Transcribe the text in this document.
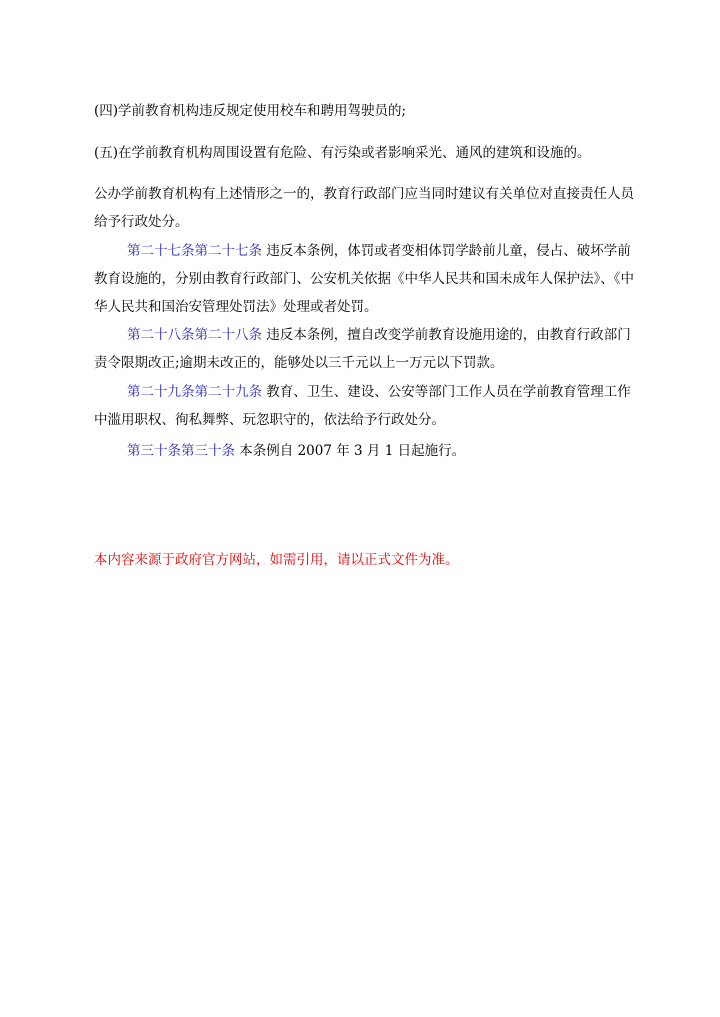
(四)学前教育机构违反规定使用校车和聘用驾驶员的;

(五)在学前教育机构周围设置有危险、有污染或者影响采光、通风的建筑和设施的。

公办学前教育机构有上述情形之一的，教育行政部门应当同时建议有关单位对直接责任人员给予行政处分。

第二十七条第二十七条 违反本条例，体罚或者变相体罚学龄前儿童，侵占、破坏学前教育设施的，分别由教育行政部门、公安机关依据《中华人民共和国未成年人保护法》、《中华人民共和国治安管理处罚法》处理或者处罚。

第二十八条第二十八条 违反本条例，擅自改变学前教育设施用途的，由教育行政部门责令限期改正;逾期未改正的，能够处以三千元以上一万元以下罚款。

第二十九条第二十九条 教育、卫生、建设、公安等部门工作人员在学前教育管理工作中滥用职权、徇私舞弊、玩忽职守的，依法给予行政处分。

第三十条第三十条 本条例自 2007 年 3 月 1 日起施行。

本内容来源于政府官方网站，如需引用，请以正式文件为准。
